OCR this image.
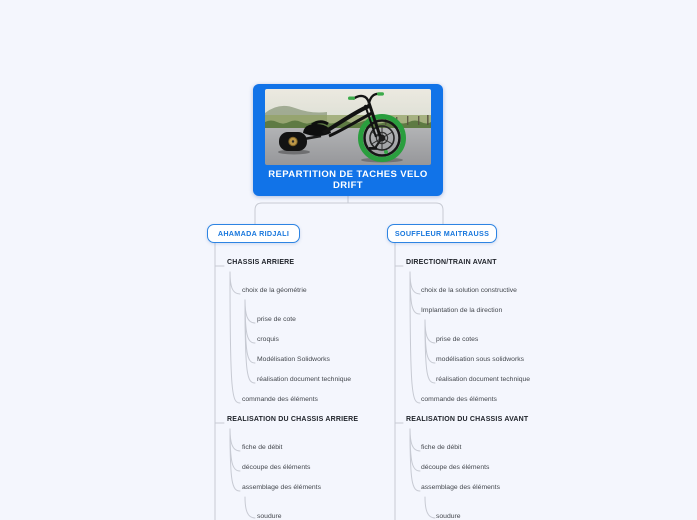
REPARTITION DE TACHES VELO DRIFT
AHAMADA RIDJALI	SOUFFLEUR MAITRAUSS
CHASSIS ARRIERE
choix de la géométrie
prise de cote
croquis
Modélisation Solidworks
réalisation document technique
commande des éléments
REALISATION DU CHASSIS ARRIERE
fiche de débit
découpe des éléments
assemblage des éléments
soudure
DIRECTION/TRAIN AVANT
choix de la solution constructive
Implantation de la direction
prise de cotes
modélisation sous solidworks
réalisation document technique
commande des éléments
REALISATION DU CHASSIS AVANT
fiche de débit
découpe des éléments
assemblage des éléments
soudure
